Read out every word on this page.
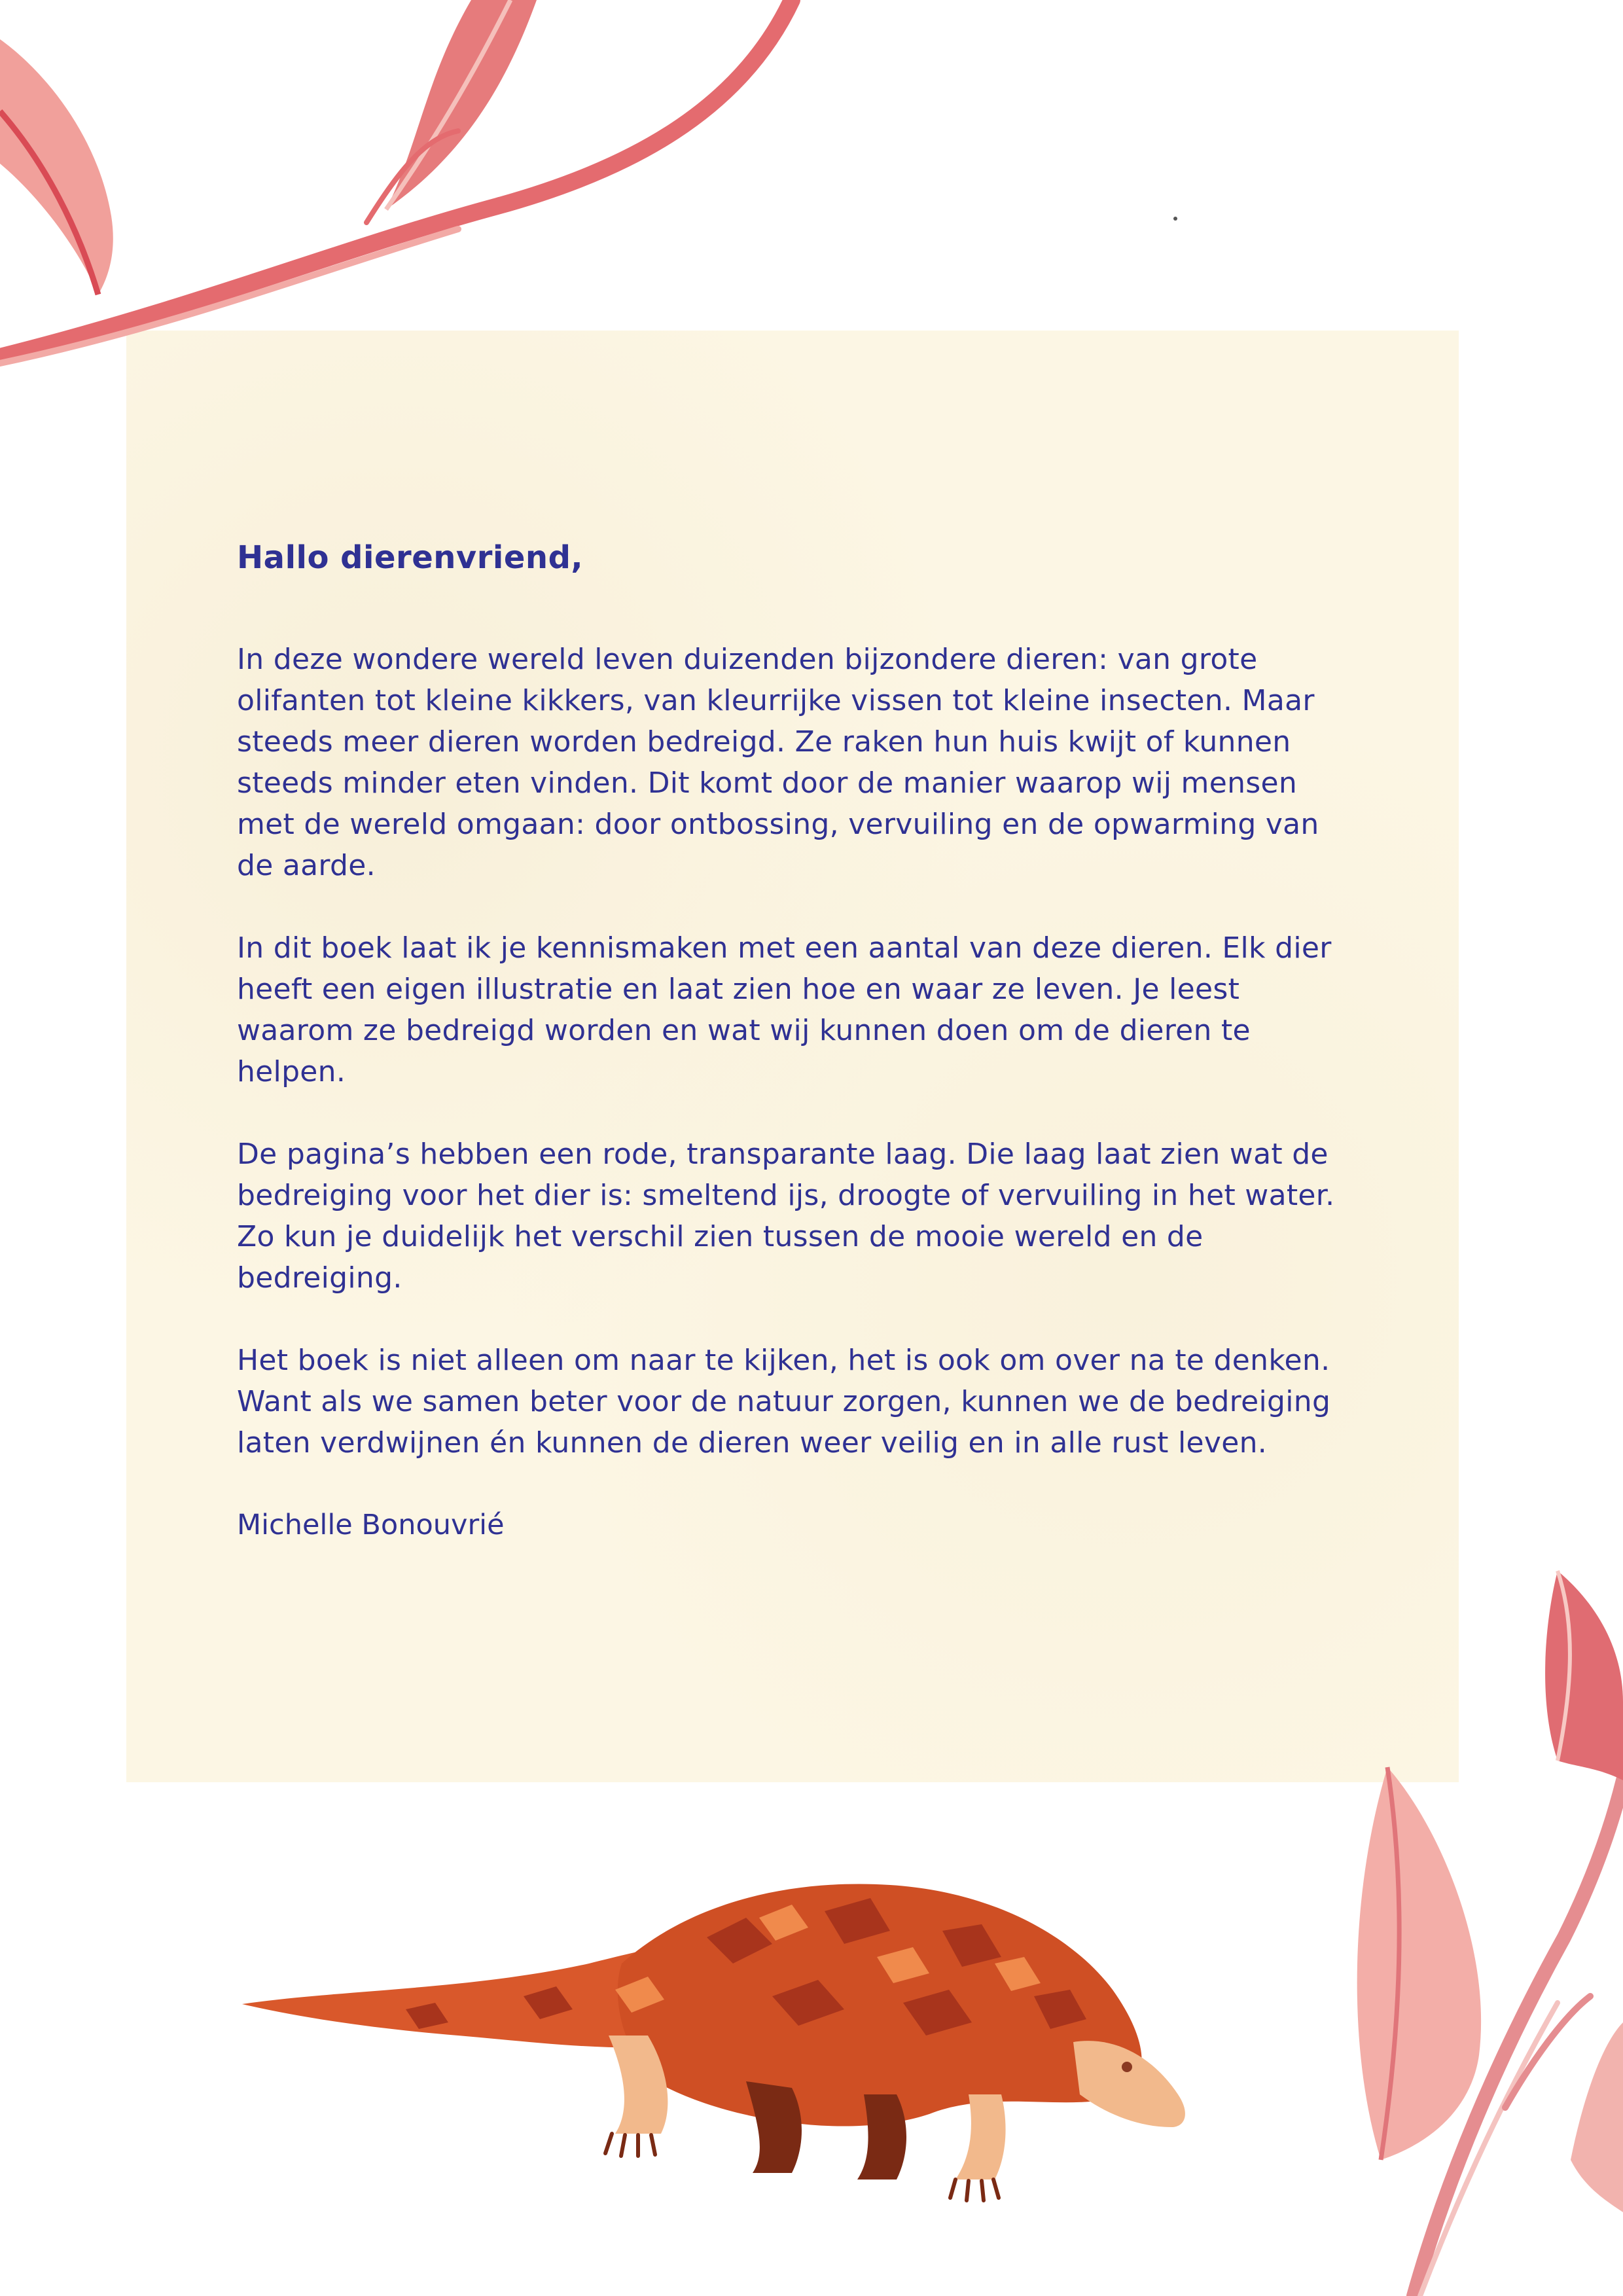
Hallo dierenvriend,

In deze wondere wereld leven duizenden bijzondere dieren: van grote olifanten tot kleine kikkers, van kleurrijke vissen tot kleine insecten. Maar steeds meer dieren worden bedreigd. Ze raken hun huis kwijt of kunnen steeds minder eten vinden. Dit komt door de manier waarop wij mensen met de wereld omgaan: door ontbossing, vervuiling en de opwarming van de aarde.

In dit boek laat ik je kennismaken met een aantal van deze dieren. Elk dier heeft een eigen illustratie en laat zien hoe en waar ze leven. Je leest waarom ze bedreigd worden en wat wij kunnen doen om de dieren te helpen.

De pagina’s hebben een rode, transparante laag. Die laag laat zien wat de bedreiging voor het dier is: smeltend ijs, droogte of vervuiling in het water. Zo kun je duidelijk het verschil zien tussen de mooie wereld en de bedreiging.

Het boek is niet alleen om naar te kijken, het is ook om over na te denken. Want als we samen beter voor de natuur zorgen, kunnen we de bedreiging laten verdwijnen én kunnen de dieren weer veilig en in alle rust leven.

Michelle Bonouvrié
